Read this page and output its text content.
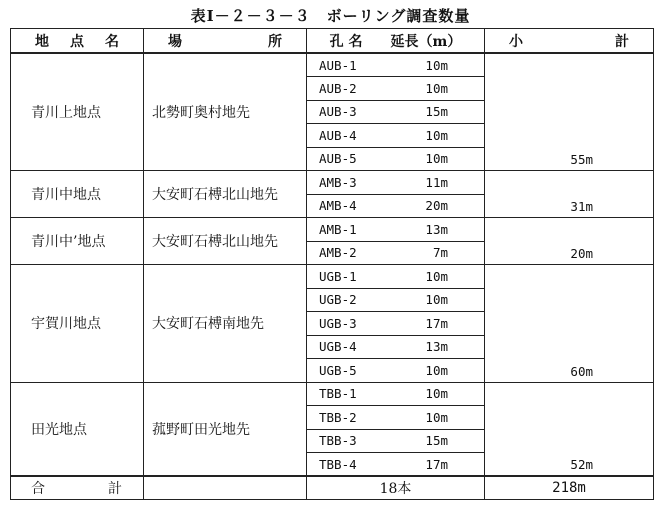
表Ⅰ－２－３－３　ボーリング調査数量
地 点 名	場 所	孔 名　　延長（m）		小 計

青川上地点	北勢町奥村地先	AUB-1	10m	55m
		AUB-2	10m	
		AUB-3	15m	
		AUB-4	10m	
		AUB-5	10m	
青川中地点	大安町石榑北山地先	AMB-3	11m	31m
		AMB-4	20m	
青川中’地点	大安町石榑北山地先	AMB-1	13m	20m
		AMB-2	7m	
宇賀川地点	大安町石榑南地先	UGB-1	10m	60m
		UGB-2	10m	
		UGB-3	17m	
		UGB-4	13m	
		UGB-5	10m	
田光地点	菰野町田光地先	TBB-1	10m	52m
		TBB-2	10m	
		TBB-3	15m	
		TBB-4	17m	

合 計		18本		218m
